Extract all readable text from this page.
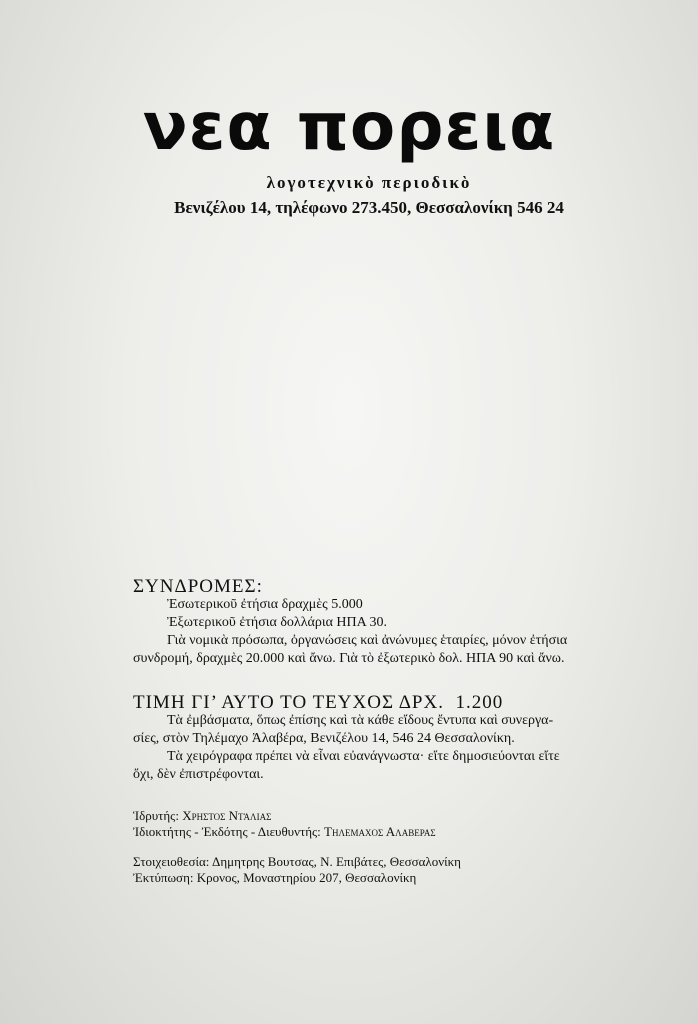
νεα πορεια
λογοτεχνικὸ περιοδικὸ
Βενιζέλου 14, τηλέφωνο 273.450, Θεσσαλονίκη 546 24
ΣΥΝΔΡΟΜΕΣ:
Ἐσωτερικοῦ ἐτήσια δραχμὲς 5.000
Ἐξωτερικοῦ ἐτήσια δολλάρια ΗΠΑ 30.
Γιὰ νομικὰ πρόσωπα, ὀργανώσεις καὶ ἀνώνυμες ἑταιρίες, μόνον ἐτήσια
συνδρομή, δραχμὲς 20.000 καὶ ἄνω. Γιὰ τὸ ἐξωτερικὸ δολ. ΗΠΑ 90 καὶ ἄνω.
ΤΙΜΗ ΓΙ’ ΑΥΤΟ ΤΟ ΤΕΥΧΟΣ ΔΡΧ.  1.200
Τὰ ἐμβάσματα, ὅπως ἐπίσης καὶ τὰ κάθε εἴδους ἔντυπα καὶ συνεργα-
σίες, στὸν Τηλέμαχο Ἀλαβέρα, Βενιζέλου 14, 546 24 Θεσσαλονίκη.
Τὰ χειρόγραφα πρέπει νὰ εἶναι εὐανάγνωστα· εἴτε δημοσιεύονται εἴτε
ὄχι, δὲν ἐπιστρέφονται.
Ἱδρυτής: Χρηστος Ντάλιας
Ἰδιοκτήτης - Ἐκδότης - Διευθυντής: Τηλεμαχος Αλαβερας
Στοιχειοθεσία: Δημητρης Βουτσας, Ν. Επιβάτες, Θεσσαλονίκη
Ἐκτύπωση: Κρονος, Μοναστηρίου 207, Θεσσαλονίκη
